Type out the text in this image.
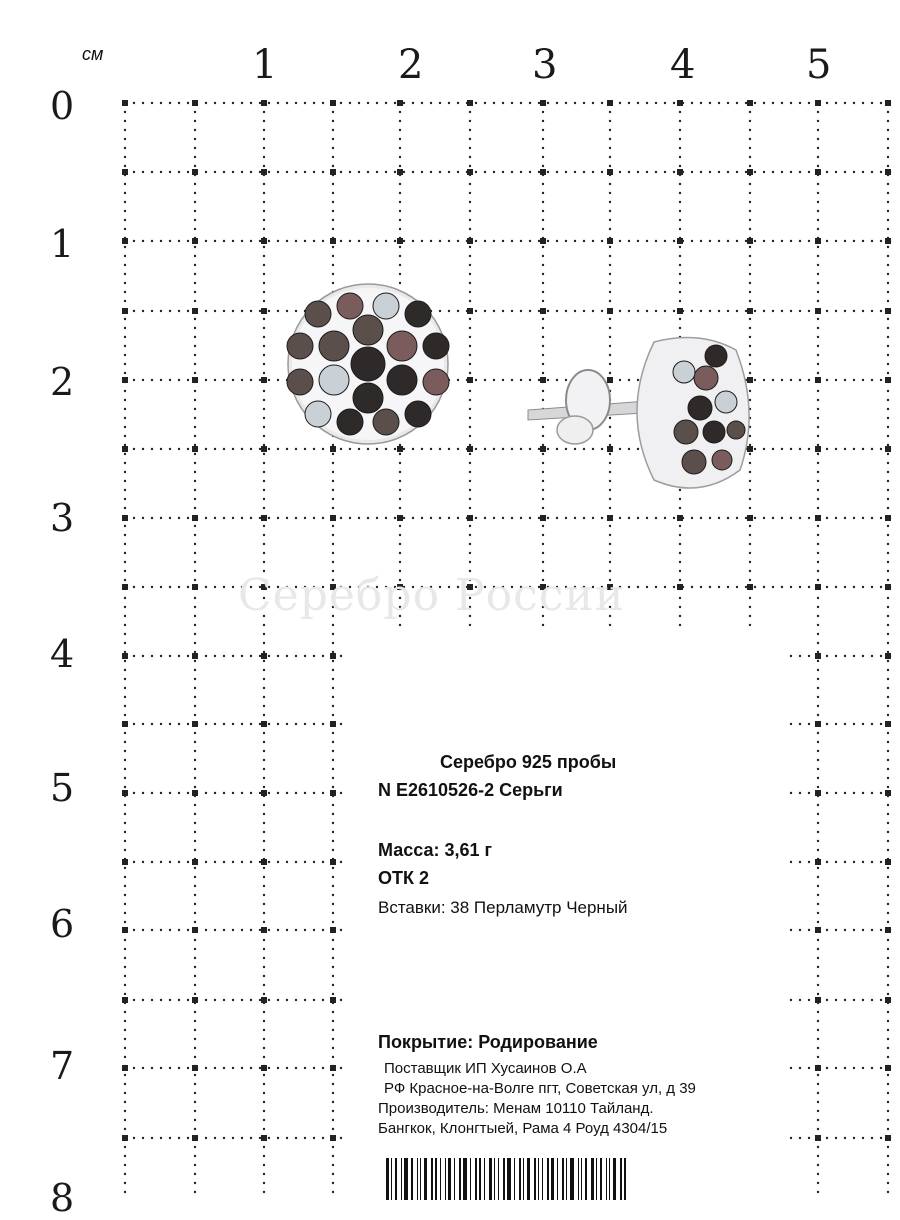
см	1	2	3	4	5
0
1
2
3
4
5
6
7
8
Серебро России
Серебро 925 пробы
N E2610526-2 Серьги
Масса: 3,61 г
ОТК 2
Вставки: 38 Перламутр Черный
Покрытие: Родирование
Поставщик ИП Хусаинов О.А
РФ Красное-на-Волге пгт, Советская ул, д 39
Производитель: Менам 10110 Тайланд.
Бангкок, Клонгтыей, Рама 4 Роуд 4304/15
